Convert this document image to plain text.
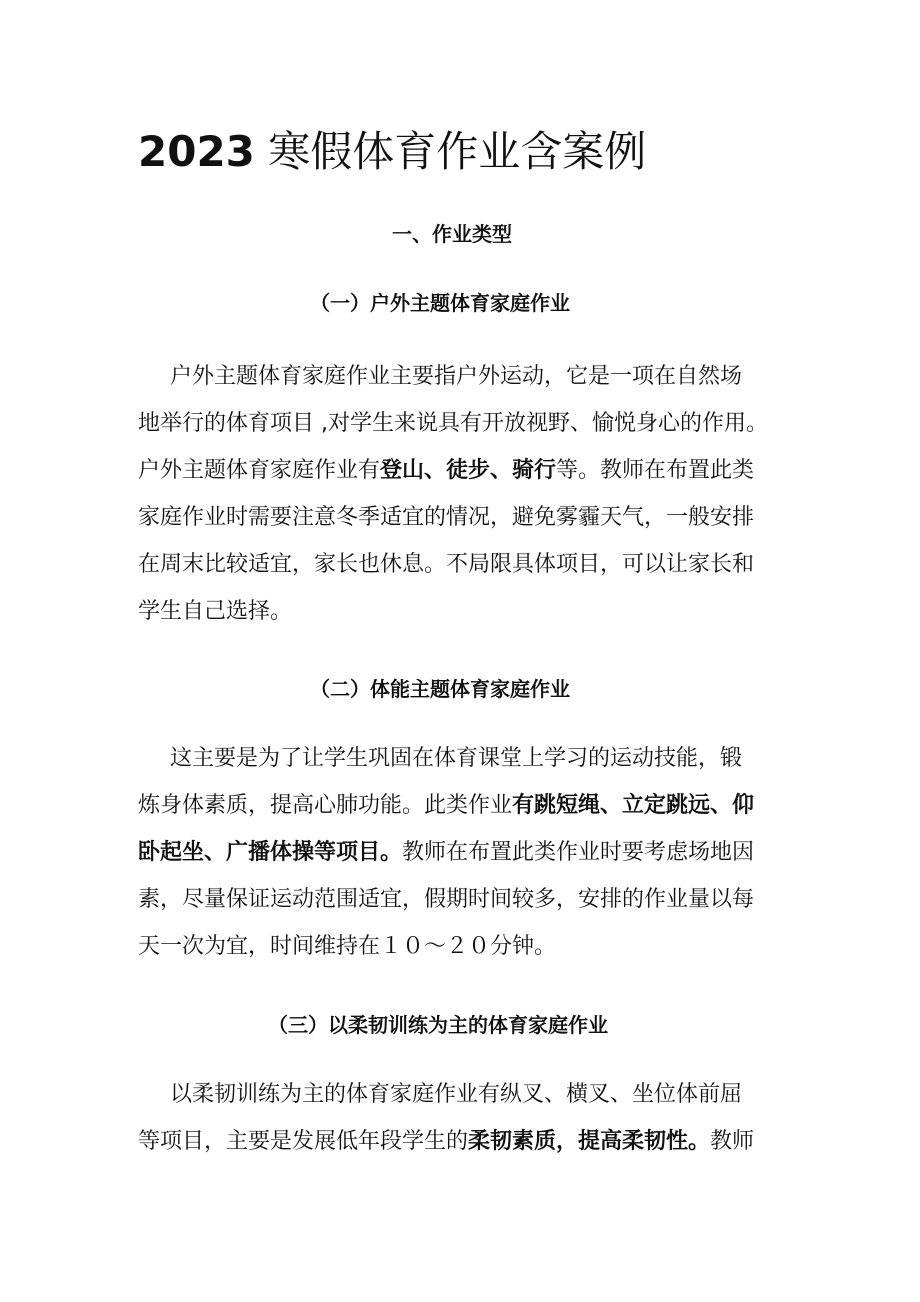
2023 寒假体育作业含案例
一、作业类型
（一）户外主题体育家庭作业
户外主题体育家庭作业主要指户外运动，它是一项在自然场
地举行的体育项目 ,对学生来说具有开放视野、愉悦身心的作用。
户外主题体育家庭作业有登山、徒步、骑行等。教师在布置此类
家庭作业时需要注意冬季适宜的情况，避免雾霾天气，一般安排
在周末比较适宜，家长也休息。不局限具体项目，可以让家长和
学生自己选择。
（二）体能主题体育家庭作业
这主要是为了让学生巩固在体育课堂上学习的运动技能，锻
炼身体素质，提高心肺功能。此类作业有跳短绳、立定跳远、仰
卧起坐、广播体操等项目。教师在布置此类作业时要考虑场地因
素，尽量保证运动范围适宜，假期时间较多，安排的作业量以每
天一次为宜，时间维持在１０～２０分钟。
（三）以柔韧训练为主的体育家庭作业
以柔韧训练为主的体育家庭作业有纵叉、横叉、坐位体前屈
等项目，主要是发展低年段学生的柔韧素质，提高柔韧性。教师
